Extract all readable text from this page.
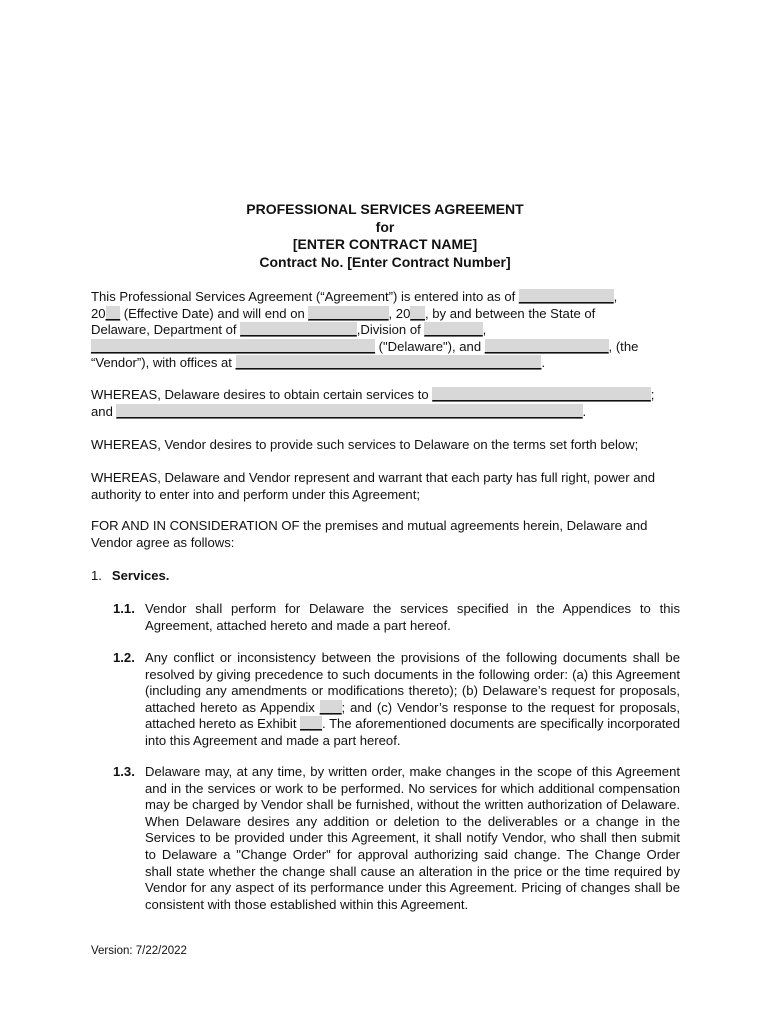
PROFESSIONAL SERVICES AGREEMENT
for
[ENTER CONTRACT NAME]
Contract No. [Enter Contract Number]
This Professional Services Agreement (“Agreement”) is entered into as of _____________,
20__ (Effective Date) and will end on ___________, 20__, by and between the State of
Delaware, Department of ________________,Division of ________,
_______________________________________ ("Delaware"), and _________________, (the
“Vendor”), with offices at __________________________________________.
WHEREAS, Delaware desires to obtain certain services to ______________________________;
and ________________________________________________________________.
WHEREAS, Vendor desires to provide such services to Delaware on the terms set forth below;
WHEREAS, Delaware and Vendor represent and warrant that each party has full right, power and authority to enter into and perform under this Agreement;
FOR AND IN CONSIDERATION OF the premises and mutual agreements herein, Delaware and Vendor agree as follows:
1. Services.
1.1. Vendor shall perform for Delaware the services specified in the Appendices to this Agreement, attached hereto and made a part hereof.
1.2. Any conflict or inconsistency between the provisions of the following documents shall be resolved by giving precedence to such documents in the following order: (a) this Agreement (including any amendments or modifications thereto); (b) Delaware’s request for proposals, attached hereto as Appendix ___; and (c) Vendor’s response to the request for proposals, attached hereto as Exhibit ___. The aforementioned documents are specifically incorporated into this Agreement and made a part hereof.
1.3. Delaware may, at any time, by written order, make changes in the scope of this Agreement and in the services or work to be performed. No services for which additional compensation may be charged by Vendor shall be furnished, without the written authorization of Delaware. When Delaware desires any addition or deletion to the deliverables or a change in the Services to be provided under this Agreement, it shall notify Vendor, who shall then submit to Delaware a "Change Order" for approval authorizing said change. The Change Order shall state whether the change shall cause an alteration in the price or the time required by Vendor for any aspect of its performance under this Agreement. Pricing of changes shall be consistent with those established within this Agreement.
Version: 7/22/2022
